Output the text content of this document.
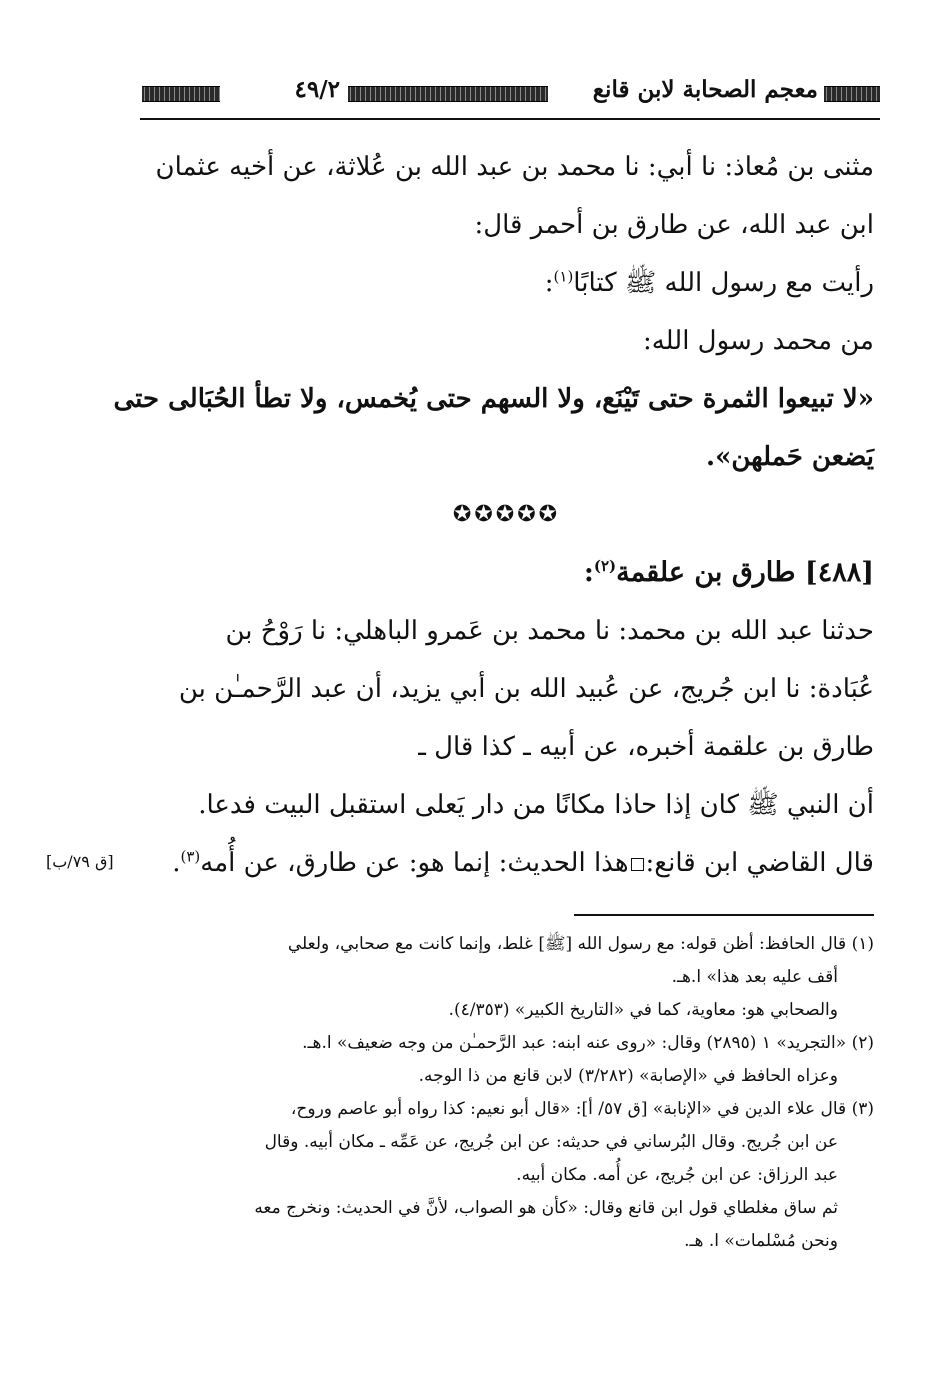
معجم الصحابة لابن قانع
٤٩/٢
مثنى بن مُعاذ: نا أبي: نا محمد بن عبد الله بن عُلاثة، عن أخيه عثمان
ابن عبد الله، عن طارق بن أحمر قال:
رأيت مع رسول الله ﷺ كتابًا$^{(١)}$:
من محمد رسول الله:
«لا تبيعوا الثمرة حتى تَيْنَع، ولا السهم حتى يُخمس، ولا تطأ الحُبَالى حتى
يَضعن حَملهن».
✪✪✪✪✪
[٤٨٨] طارق بن علقمة$^{(٢)}$:
حدثنا عبد الله بن محمد: نا محمد بن عَمرو الباهلي: نا رَوْحُ بن
عُبَادة: نا ابن جُريج، عن عُبيد الله بن أبي يزيد، أن عبد الرَّحمـٰن بن
طارق بن علقمة أخبره، عن أبيه ـ كذا قال ـ
أن النبي ﷺ كان إذا حاذا مكانًا من دار يَعلى استقبل البيت فدعا.
قال القاضي ابن قانع:هذا الحديث: إنما هو: عن طارق، عن أُمه$^{(٣)}$.
[ق ٧٩/ب]
(١) قال الحافظ: أظن قوله: مع رسول الله [ﷺ] غلط، وإنما كانت مع صحابي، ولعلي
أقف عليه بعد هذا» ا.هـ.
والصحابي هو: معاوية، كما في «التاريخ الكبير» (٤/٣٥٣).
(٢) «التجريد» ١ (٢٨٩٥) وقال: «روى عنه ابنه: عبد الرَّحمـٰن من وجه ضعيف» ا.هـ.
وعزاه الحافظ في «الإصابة» (٣/٢٨٢) لابن قانع من ذا الوجه.
(٣) قال علاء الدين في «الإنابة» [ق ٥٧/ أ]: «قال أبو نعيم: كذا رواه أبو عاصم وروح،
عن ابن جُريج. وقال البُرساني في حديثه: عن ابن جُريج، عن عَمِّه ـ مكان أبيه. وقال
عبد الرزاق: عن ابن جُريج، عن أُمه. مكان أبيه.
ثم ساق مغلطاي قول ابن قانع وقال: «كأن هو الصواب، لأنَّ في الحديث: ونخرج معه
ونحن مُسْلمات» ا. هـ.
